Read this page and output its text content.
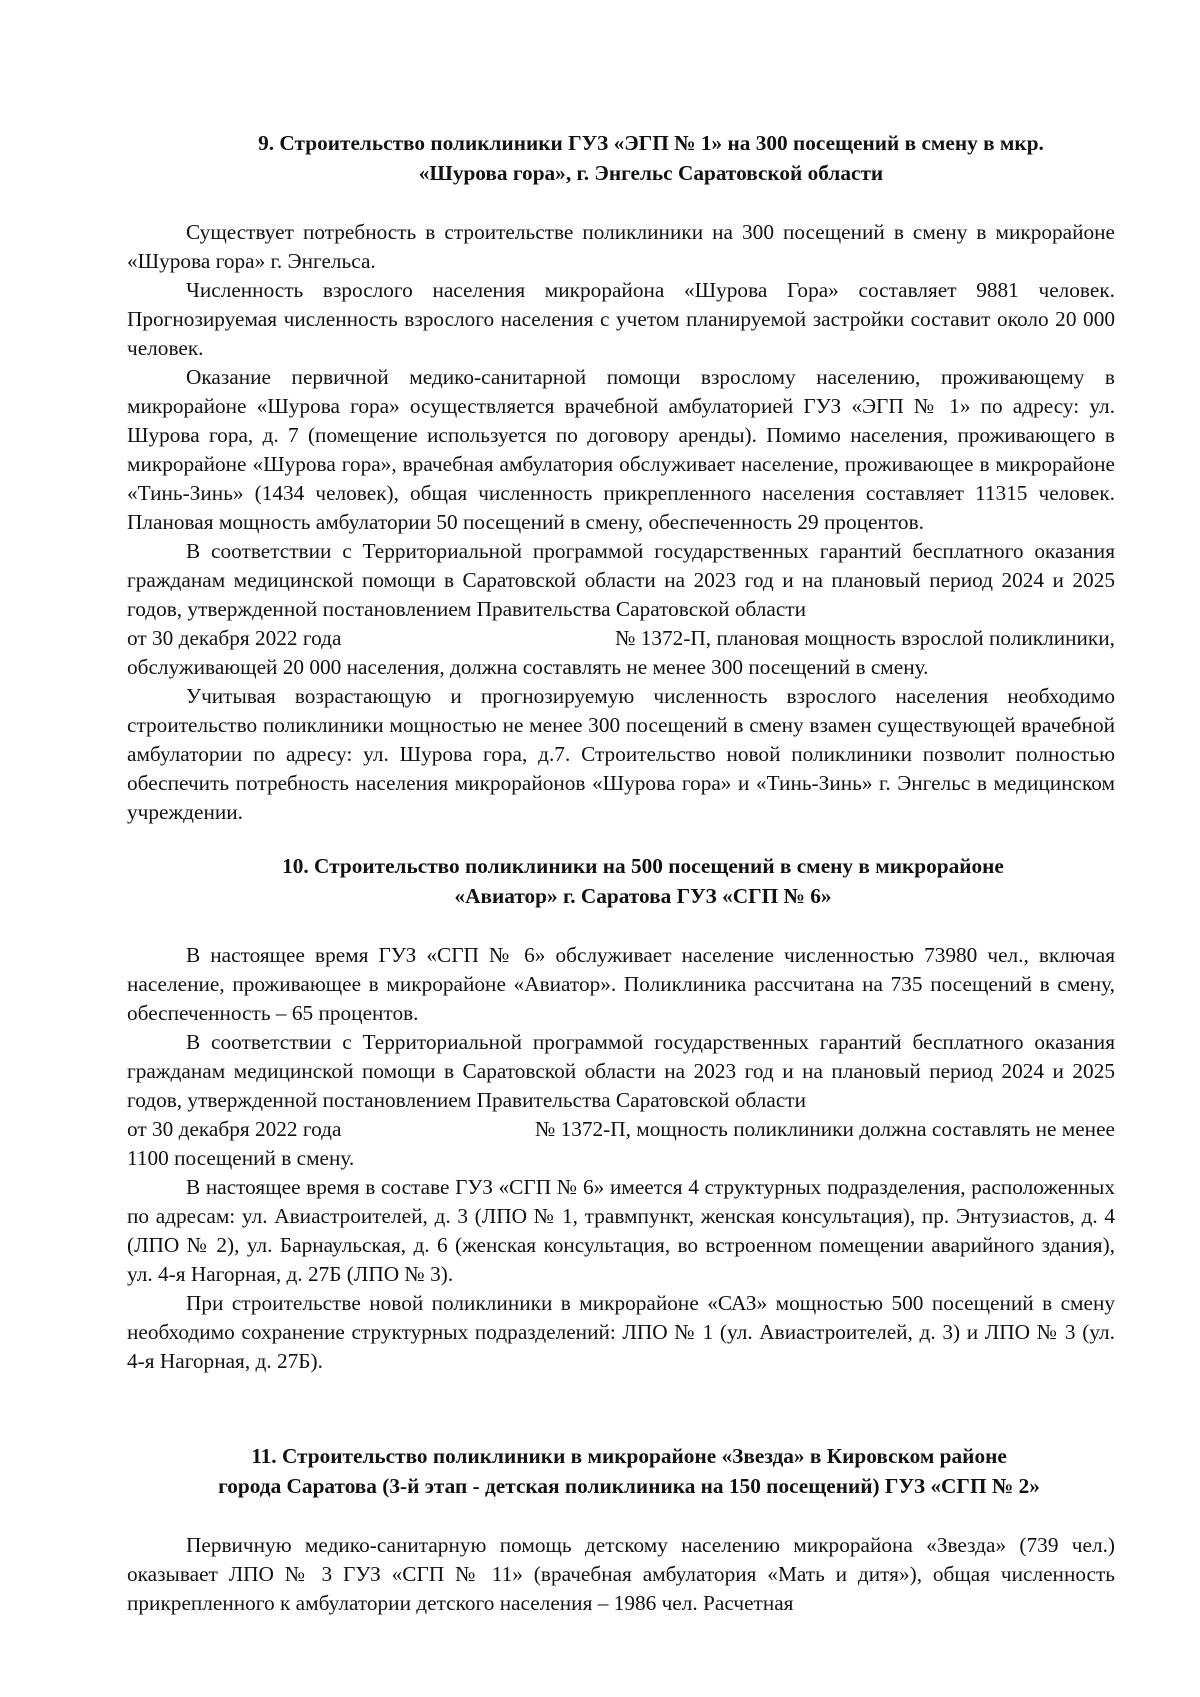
9. Строительство поликлиники ГУЗ «ЭГП № 1» на 300 посещений в смену в мкр.
«Шурова гора», г. Энгельс Саратовской области

Существует потребность в строительстве поликлиники на 300 посещений в смену в микрорайоне «Шурова гора» г. Энгельса.

Численность взрослого населения микрорайона «Шурова Гора» составляет 9881 человек. Прогнозируемая численность взрослого населения с учетом планируемой застройки составит около 20 000 человек.

Оказание первичной медико-санитарной помощи взрослому населению, проживающему в микрорайоне «Шурова гора» осуществляется врачебной амбулаторией ГУЗ «ЭГП № 1» по адресу: ул. Шурова гора, д. 7 (помещение используется по договору аренды). Помимо населения, проживающего в микрорайоне «Шурова гора», врачебная амбулатория обслуживает население, проживающее в микрорайоне «Тинь-Зинь» (1434 человек), общая численность прикрепленного населения составляет 11315 человек. Плановая мощность амбулатории 50 посещений в смену, обеспеченность 29 процентов.

В соответствии с Территориальной программой государственных гарантий бесплатного оказания гражданам медицинской помощи в Саратовской области на 2023 год и на плановый период 2024 и 2025 годов, утвержденной постановлением Правительства Саратовской области

от 30 декабря 2022 года	№ 1372-П, плановая мощность взрослой поликлиники,

обслуживающей 20 000 населения, должна составлять не менее 300 посещений в смену.

Учитывая возрастающую и прогнозируемую численность взрослого населения необходимо строительство поликлиники мощностью не менее 300 посещений в смену взамен существующей врачебной амбулатории по адресу: ул. Шурова гора, д.7. Строительство новой поликлиники позволит полностью обеспечить потребность населения микрорайонов «Шурова гора» и «Тинь-Зинь» г. Энгельс в медицинском учреждении.

10. Строительство поликлиники на 500 посещений в смену в микрорайоне
«Авиатор» г. Саратова ГУЗ «СГП № 6»

В настоящее время ГУЗ «СГП № 6» обслуживает население численностью 73980 чел., включая население, проживающее в микрорайоне «Авиатор». Поликлиника рассчитана на 735 посещений в смену, обеспеченность – 65 процентов.

В соответствии с Территориальной программой государственных гарантий бесплатного оказания гражданам медицинской помощи в Саратовской области на 2023 год и на плановый период 2024 и 2025 годов, утвержденной постановлением Правительства Саратовской области

от 30 декабря 2022 года	№ 1372-П, мощность поликлиники должна составлять не менее

1100 посещений в смену.

В настоящее время в составе ГУЗ «СГП № 6» имеется 4 структурных подразделения, расположенных по адресам: ул. Авиастроителей, д. 3 (ЛПО № 1, травмпункт, женская консультация), пр. Энтузиастов, д. 4 (ЛПО № 2), ул. Барнаульская, д. 6 (женская консультация, во встроенном помещении аварийного здания), ул. 4-я Нагорная, д. 27Б (ЛПО № 3).

При строительстве новой поликлиники в микрорайоне «САЗ» мощностью 500 посещений в смену необходимо сохранение структурных подразделений: ЛПО № 1 (ул. Авиастроителей, д. 3) и ЛПО № 3 (ул. 4-я Нагорная, д. 27Б).

11. Строительство поликлиники в микрорайоне «Звезда» в Кировском районе
города Саратова (3-й этап - детская поликлиника на 150 посещений) ГУЗ «СГП № 2»

Первичную медико-санитарную помощь детскому населению микрорайона «Звезда» (739 чел.) оказывает ЛПО № 3 ГУЗ «СГП № 11» (врачебная амбулатория «Мать и дитя»), общая численность прикрепленного к амбулатории детского населения – 1986 чел. Расчетная
